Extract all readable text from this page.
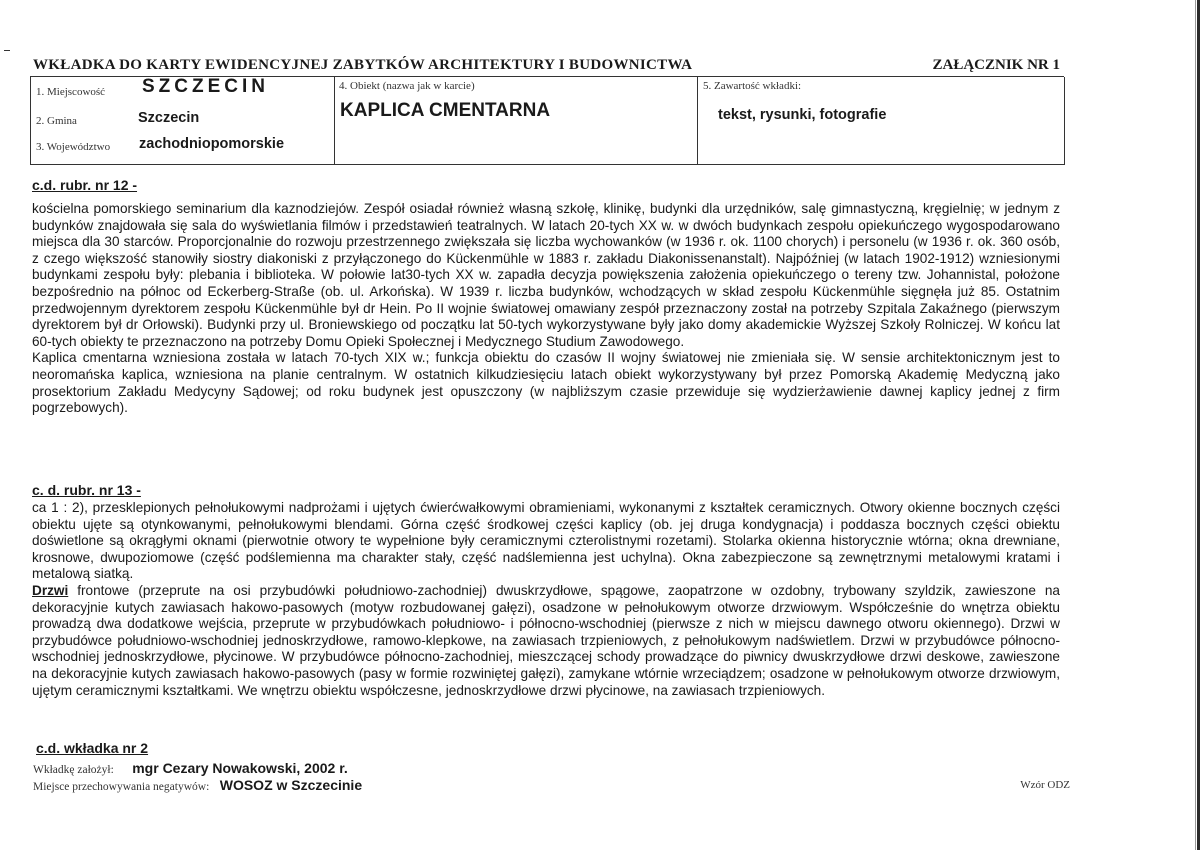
WKŁADKA DO KARTY EWIDENCYJNEJ ZABYTKÓW ARCHITEKTURY I BUDOWNICTWA	ZAŁĄCZNIK NR 1
1. Miejscowość SZCZECIN
2. Gmina	Szczecin
3. Województwo zachodniopomorskie
4. Obiekt (nazwa jak w karcie)
KAPLICA CMENTARNA
5. Zawartość wkładki:
tekst, rysunki, fotografie
c.d. rubr. nr 12 -

kościelna pomorskiego seminarium dla kaznodziejów. Zespół osiadał również własną szkołę, klinikę, budynki dla urzędników, salę gimnastyczną, kręgielnię; w jednym z budynków znajdowała się sala do wyświetlania filmów i przedstawień teatralnych. W latach 20-tych XX w. w dwóch budynkach zespołu opiekuńczego wygospodarowano miejsca dla 30 starców. Proporcjonalnie do rozwoju przestrzennego zwiększała się liczba wychowanków (w 1936 r. ok. 1100 chorych) i personelu (w 1936 r. ok. 360 osób, z czego większość stanowiły siostry diakoniski z przyłączonego do Kückenmühle w 1883 r. zakładu Diakonissenanstalt). Najpóźniej (w latach 1902-1912) wzniesionymi budynkami zespołu były: plebania i biblioteka. W połowie lat30-tych XX w. zapadła decyzja powiększenia założenia opiekuńczego o tereny tzw. Johannistal, położone bezpośrednio na północ od Eckerberg-Straße (ob. ul. Arkońska). W 1939 r. liczba budynków, wchodzących w skład zespołu Kückenmühle sięgnęła już 85. Ostatnim przedwojennym dyrektorem zespołu Kückenmühle był dr Hein. Po II wojnie światowej omawiany zespół przeznaczony został na potrzeby Szpitala Zakaźnego (pierwszym dyrektorem był dr Orłowski). Budynki przy ul. Broniewskiego od początku lat 50-tych wykorzystywane były jako domy akademickie Wyższej Szkoły Rolniczej. W końcu lat 60-tych obiekty te przeznaczono na potrzeby Domu Opieki Społecznej i Medycznego Studium Zawodowego.

Kaplica cmentarna wzniesiona została w latach 70-tych XIX w.; funkcja obiektu do czasów II wojny światowej nie zmieniała się. W sensie architektonicznym jest to neoromańska kaplica, wzniesiona na planie centralnym. W ostatnich kilkudziesięciu latach obiekt wykorzystywany był przez Pomorską Akademię Medyczną jako prosektorium Zakładu Medycyny Sądowej; od roku budynek jest opuszczony (w najbliższym czasie przewiduje się wydzierżawienie dawnej kaplicy jednej z firm pogrzebowych).

c. d. rubr. nr 13 -

ca 1 : 2), przesklepionych pełnołukowymi nadprożami i ujętych ćwierćwałkowymi obramieniami, wykonanymi z kształtek ceramicznych. Otwory okienne bocznych części obiektu ujęte są otynkowanymi, pełnołukowymi blendami. Górna część środkowej części kaplicy (ob. jej druga kondygnacja) i poddasza bocznych części obiektu doświetlone są okrągłymi oknami (pierwotnie otwory te wypełnione były ceramicznymi czterolistnymi rozetami). Stolarka okienna historycznie wtórna; okna drewniane, krosnowe, dwupoziomowe (część podślemienna ma charakter stały, część nadślemienna jest uchylna). Okna zabezpieczone są zewnętrznymi metalowymi kratami i metalową siatką.

Drzwi frontowe (przeprute na osi przybudówki południowo-zachodniej) dwuskrzydłowe, spągowe, zaopatrzone w ozdobny, trybowany szyldzik, zawieszone na dekoracyjnie kutych zawiasach hakowo-pasowych (motyw rozbudowanej gałęzi), osadzone w pełnołukowym otworze drzwiowym. Współcześnie do wnętrza obiektu prowadzą dwa dodatkowe wejścia, przeprute w przybudówkach południowo- i północno-wschodniej (pierwsze z nich w miejscu dawnego otworu okiennego). Drzwi w przybudówce południowo-wschodniej jednoskrzydłowe, ramowo-klepkowe, na zawiasach trzpieniowych, z pełnołukowym nadświetlem. Drzwi w przybudówce północno-wschodniej jednoskrzydłowe, płycinowe. W przybudówce północno-zachodniej, mieszczącej schody prowadzące do piwnicy dwuskrzydłowe drzwi deskowe, zawieszone na dekoracyjnie kutych zawiasach hakowo-pasowych (pasy w formie rozwiniętej gałęzi), zamykane wtórnie wrzeciądzem; osadzone w pełnołukowym otworze drzwiowym, ujętym ceramicznymi kształtkami. We wnętrzu obiektu współczesne, jednoskrzydłowe drzwi płycinowe, na zawiasach trzpieniowych.

c.d. wkładka nr 2
Wkładkę założył: mgr Cezary Nowakowski, 2002 r.
Miejsce przechowywania negatywów: WOSOZ w Szczecinie	Wzór ODZ
